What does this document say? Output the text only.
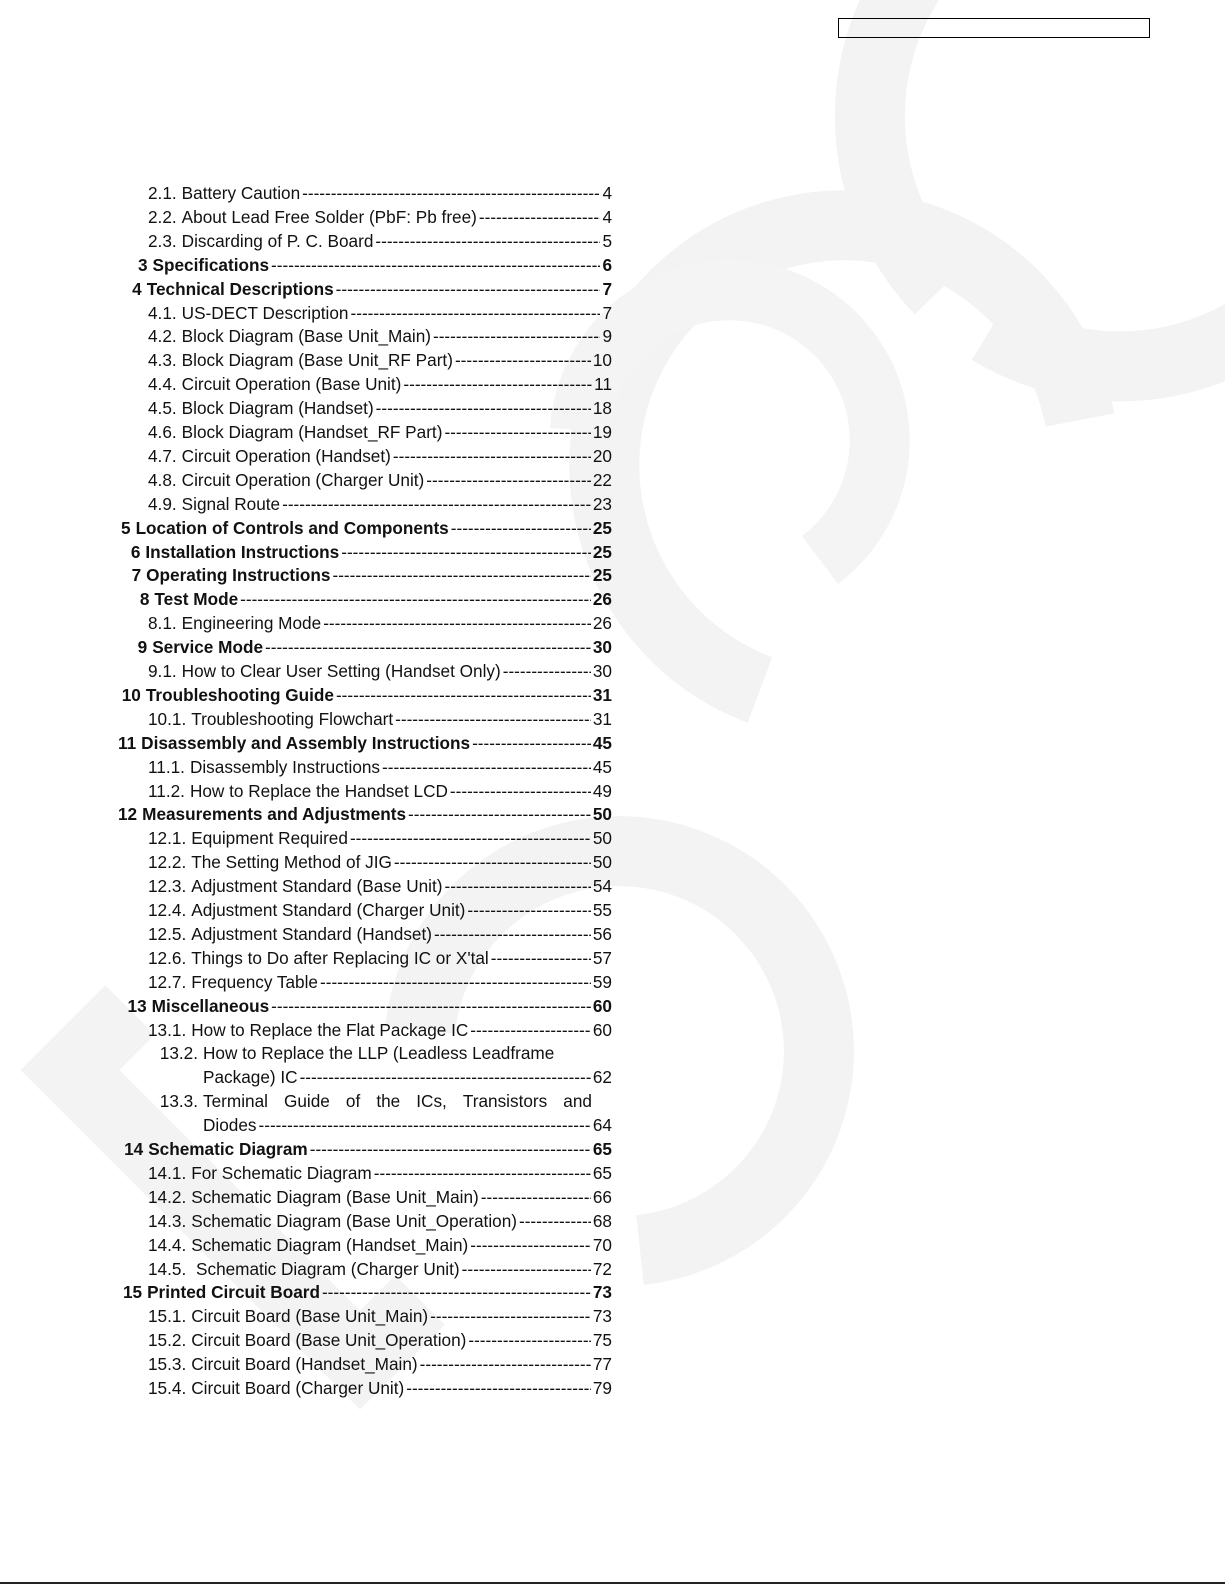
2.1. Battery Caution -----	4
2.2. About Lead Free Solder (PbF: Pb free) -----	4
2.3. Discarding of P. C. Board -----	5
3 Specifications -----	6
4 Technical Descriptions -----	7
4.1. US-DECT Description -----	7
4.2. Block Diagram (Base Unit_Main) -----	9
4.3. Block Diagram (Base Unit_RF Part) -----	10
4.4. Circuit Operation (Base Unit) -----	11
4.5. Block Diagram (Handset) -----	18
4.6. Block Diagram (Handset_RF Part) -----	19
4.7. Circuit Operation (Handset) -----	20
4.8. Circuit Operation (Charger Unit) -----	22
4.9. Signal Route -----	23
5 Location of Controls and Components -----	25
6 Installation Instructions -----	25
7 Operating Instructions -----	25
8 Test Mode -----	26
8.1. Engineering Mode -----	26
9 Service Mode -----	30
9.1. How to Clear User Setting (Handset Only) -----	30
10 Troubleshooting Guide -----	31
10.1. Troubleshooting Flowchart -----	31
11 Disassembly and Assembly Instructions -----	45
11.1. Disassembly Instructions -----	45
11.2. How to Replace the Handset LCD -----	49
12 Measurements and Adjustments -----	50
12.1. Equipment Required -----	50
12.2. The Setting Method of JIG -----	50
12.3. Adjustment Standard (Base Unit) -----	54
12.4. Adjustment Standard (Charger Unit) -----	55
12.5. Adjustment Standard (Handset) -----	56
12.6. Things to Do after Replacing IC or X'tal -----	57
12.7. Frequency Table -----	59
13 Miscellaneous -----	60
13.1. How to Replace the Flat Package IC -----	60
13.2. How to Replace the LLP (Leadless Leadframe
Package) IC -----	62
13.3. Terminal Guide of the ICs, Transistors and
Diodes -----	64
14 Schematic Diagram -----	65
14.1. For Schematic Diagram -----	65
14.2. Schematic Diagram (Base Unit_Main) -----	66
14.3. Schematic Diagram (Base Unit_Operation) -----	68
14.4. Schematic Diagram (Handset_Main) -----	70
14.5. Schematic Diagram (Charger Unit) -----	72
15 Printed Circuit Board -----	73
15.1. Circuit Board (Base Unit_Main) -----	73
15.2. Circuit Board (Base Unit_Operation) -----	75
15.3. Circuit Board (Handset_Main) -----	77
15.4. Circuit Board (Charger Unit) -----	79
